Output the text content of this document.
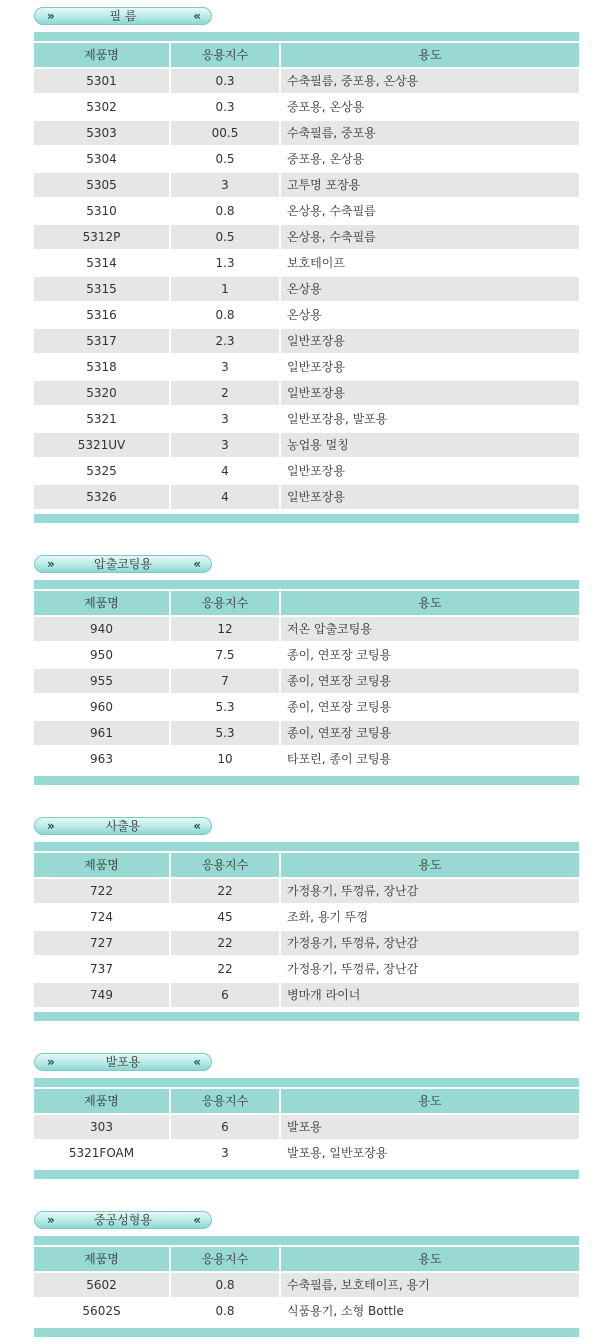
»	필 름	«
제품명	응용지수	용도
5301	0.3	수축필름, 중포용, 온상용
5302	0.3	중포용, 온상용
5303	00.5	수축필름, 중포용
5304	0.5	중포용, 온상용
5305	3	고투명 포장용
5310	0.8	온상용, 수축필름
5312P	0.5	온상용, 수축필름
5314	1.3	보호테이프
5315	1	온상용
5316	0.8	온상용
5317	2.3	일반포장용
5318	3	일반포장용
5320	2	일반포장용
5321	3	일반포장용, 발포용
5321UV	3	농업용 멀칭
5325	4	일반포장용
5326	4	일반포장용
»	압출코팅용	«
제품명	응용지수	용도
940	12	저온 압출코팅용
950	7.5	종이, 연포장 코팅용
955	7	종이, 연포장 코팅용
960	5.3	종이, 연포장 코팅용
961	5.3	종이, 연포장 코팅용
963	10	타포린, 종이 코팅용
»	사출용	«
제품명	응용지수	용도
722	22	가정용기, 뚜껑류, 장난감
724	45	조화, 용기 뚜껑
727	22	가정용기, 뚜껑류, 장난감
737	22	가정용기, 뚜껑류, 장난감
749	6	병마개 라이너
»	발포용	«
제품명	응용지수	용도
303	6	발포용
5321FOAM	3	발포용, 일반포장용
»	중공성형용	«
제품명	응용지수	용도
5602	0.8	수축필름, 보호테이프, 용기
5602S	0.8	식품용기, 소형 Bottle
